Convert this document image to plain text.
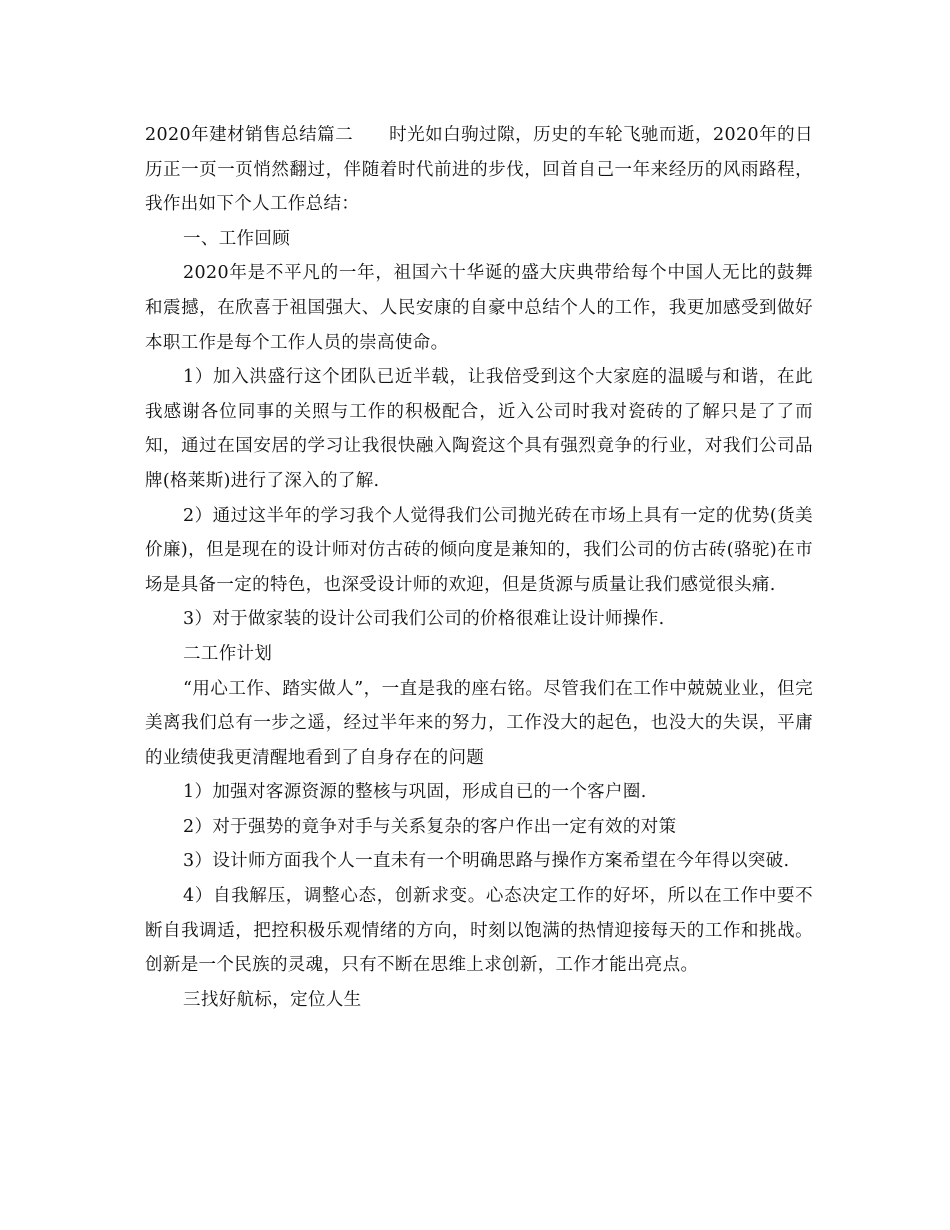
2020年建材销售总结篇二　　时光如白驹过隙，历史的车轮飞驰而逝，2020年的日历正一页一页悄然翻过，伴随着时代前进的步伐，回首自己一年来经历的风雨路程，我作出如下个人工作总结：

一、工作回顾

2020年是不平凡的一年，祖国六十华诞的盛大庆典带给每个中国人无比的鼓舞和震撼，在欣喜于祖国强大、人民安康的自豪中总结个人的工作，我更加感受到做好本职工作是每个工作人员的崇高使命。

1）加入洪盛行这个团队已近半载，让我倍受到这个大家庭的温暖与和谐，在此我感谢各位同事的关照与工作的积极配合，近入公司时我对瓷砖的了解只是了了而知，通过在国安居的学习让我很快融入陶瓷这个具有强烈竟争的行业，对我们公司品牌(格莱斯)进行了深入的了解.

2）通过这半年的学习我个人觉得我们公司抛光砖在市场上具有一定的优势(货美价廉)，但是现在的设计师对仿古砖的倾向度是兼知的，我们公司的仿古砖(骆驼)在市场是具备一定的特色，也深受设计师的欢迎，但是货源与质量让我们感觉很头痛.

3）对于做家装的设计公司我们公司的价格很难让设计师操作.

二工作计划

“用心工作、踏实做人”，一直是我的座右铭。尽管我们在工作中兢兢业业，但完美离我们总有一步之遥，经过半年来的努力，工作没大的起色，也没大的失误，平庸的业绩使我更清醒地看到了自身存在的问题

1）加强对客源资源的整核与巩固，形成自已的一个客户圈.

2）对于强势的竟争对手与关系复杂的客户作出一定有效的对策

3）设计师方面我个人一直未有一个明确思路与操作方案希望在今年得以突破.

4）自我解压，调整心态，创新求变。心态决定工作的好坏，所以在工作中要不断自我调适，把控积极乐观情绪的方向，时刻以饱满的热情迎接每天的工作和挑战。创新是一个民族的灵魂，只有不断在思维上求创新，工作才能出亮点。

三找好航标，定位人生
